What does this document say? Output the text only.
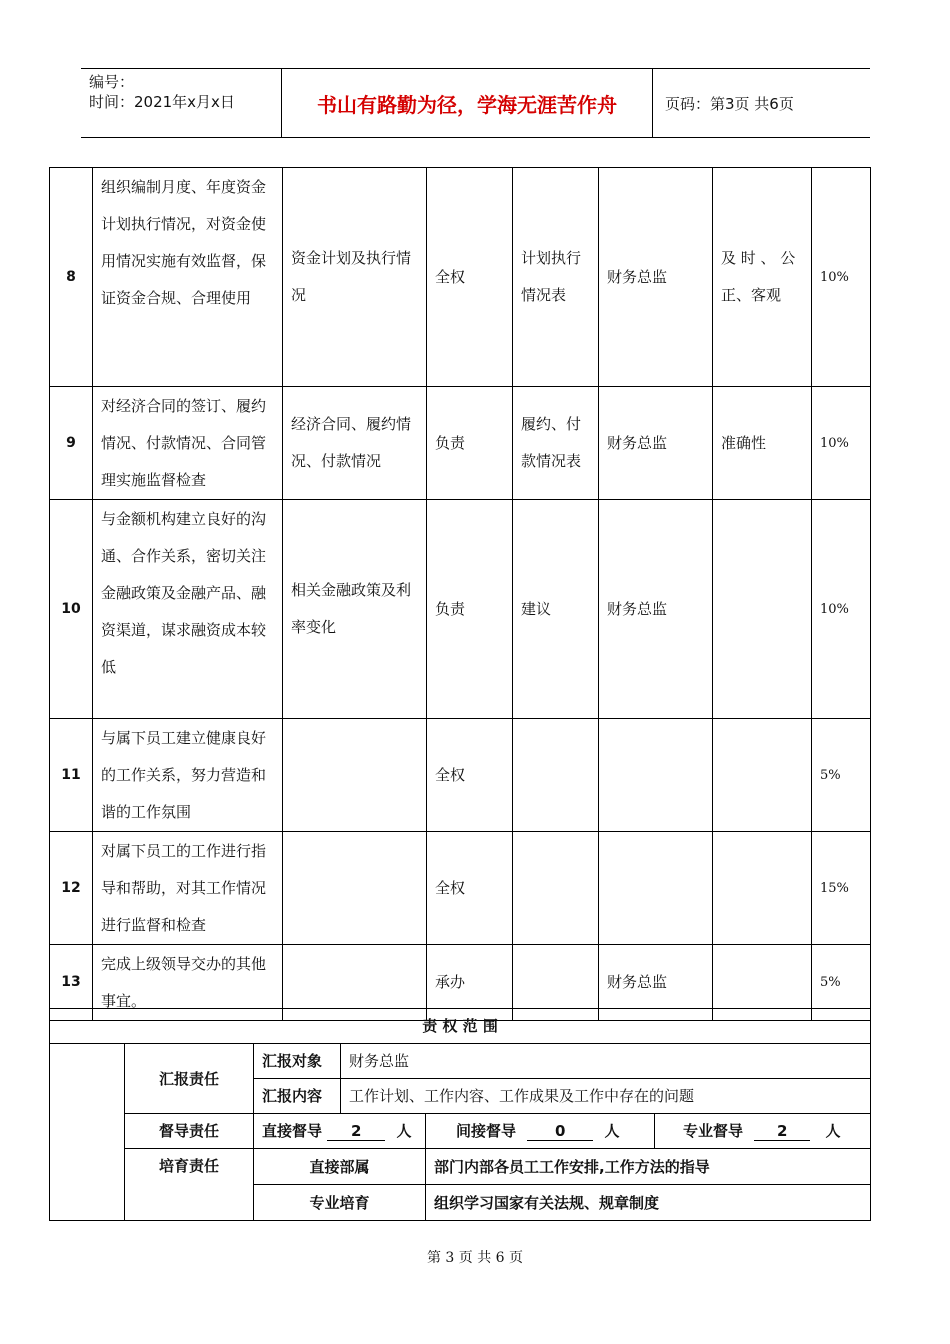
编号：
时间：2021年x月x日	书山有路勤为径，学海无涯苦作舟	页码：第3页 共6页
8	组织编制月度、年度资金计划执行情况，对资金使用情况实施有效监督，保证资金合规、合理使用	资金计划及执行情况	全权	计划执行情况表	财务总监	及 时 、 公正、客观	10%
9	对经济合同的签订、履约情况、付款情况、合同管理实施监督检查	经济合同、履约情况、付款情况	负责	履约、付款情况表	财务总监	准确性	10%
10	与金额机构建立良好的沟通、合作关系，密切关注金融政策及金融产品、融资渠道，谋求融资成本较低	相关金融政策及利率变化	负责	建议	财务总监		10%
11	与属下员工建立健康良好的工作关系，努力营造和谐的工作氛围		全权				5%
12	对属下员工的工作进行指导和帮助，对其工作情况进行监督和检查		全权				15%
13	完成上级领导交办的其他事宜。		承办		财务总监		5%
责 权 范 围					
	汇报责任	汇报对象	财务总监		
		汇报内容	工作计划、工作内容、工作成果及工作中存在的问题		
	督导责任	直接督导 2 人		间接督导 0 人	专业督导 2 人
	培育责任	直接部属		部门内部各员工工作安排,工作方法的指导	
		专业培育		组织学习国家有关法规、规章制度	
第 3 页 共 6 页
